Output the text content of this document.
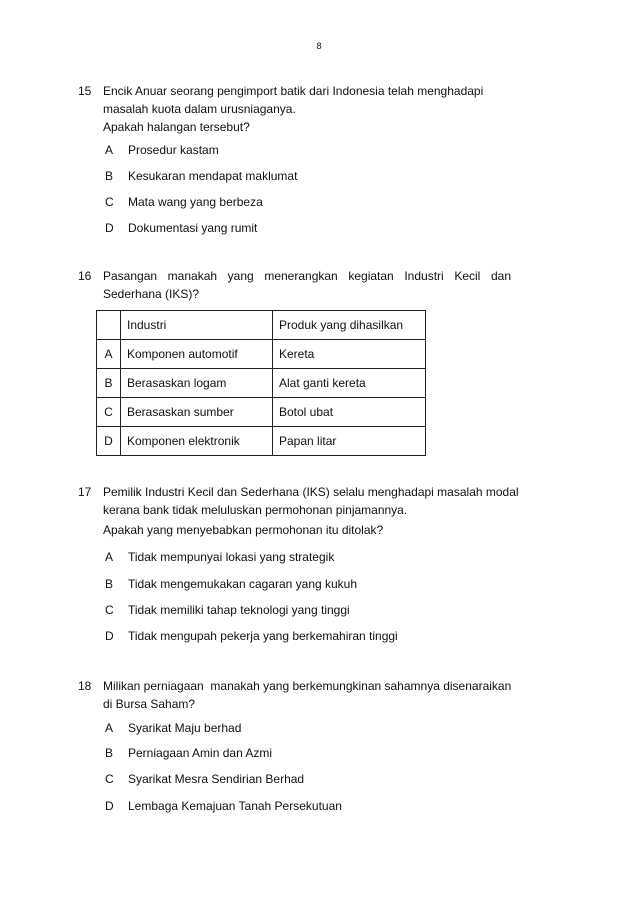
8
15 Encik Anuar seorang pengimport batik dari Indonesia telah menghadapi
masalah kuota dalam urusniaganya.
Apakah halangan tersebut?
A Prosedur kastam
B Kesukaran mendapat maklumat
C Mata wang yang berbeza
D Dokumentasi yang rumit
16 Pasangan manakah yang menerangkan kegiatan Industri Kecil dan
Sederhana (IKS)?
	Industri	Produk yang dihasilkan
A	Komponen automotif	Kereta
B	Berasaskan logam	Alat ganti kereta
C	Berasaskan sumber	Botol ubat
D	Komponen elektronik	Papan litar
17 Pemilik Industri Kecil dan Sederhana (IKS) selalu menghadapi masalah modal
kerana bank tidak meluluskan permohonan pinjamannya.
Apakah yang menyebabkan permohonan itu ditolak?
A Tidak mempunyai lokasi yang strategik
B Tidak mengemukakan cagaran yang kukuh
C Tidak memiliki tahap teknologi yang tinggi
D Tidak mengupah pekerja yang berkemahiran tinggi
18 Milikan perniagaan  manakah yang berkemungkinan sahamnya disenaraikan
di Bursa Saham?
A Syarikat Maju berhad
B Perniagaan Amin dan Azmi
C Syarikat Mesra Sendirian Berhad
D Lembaga Kemajuan Tanah Persekutuan
